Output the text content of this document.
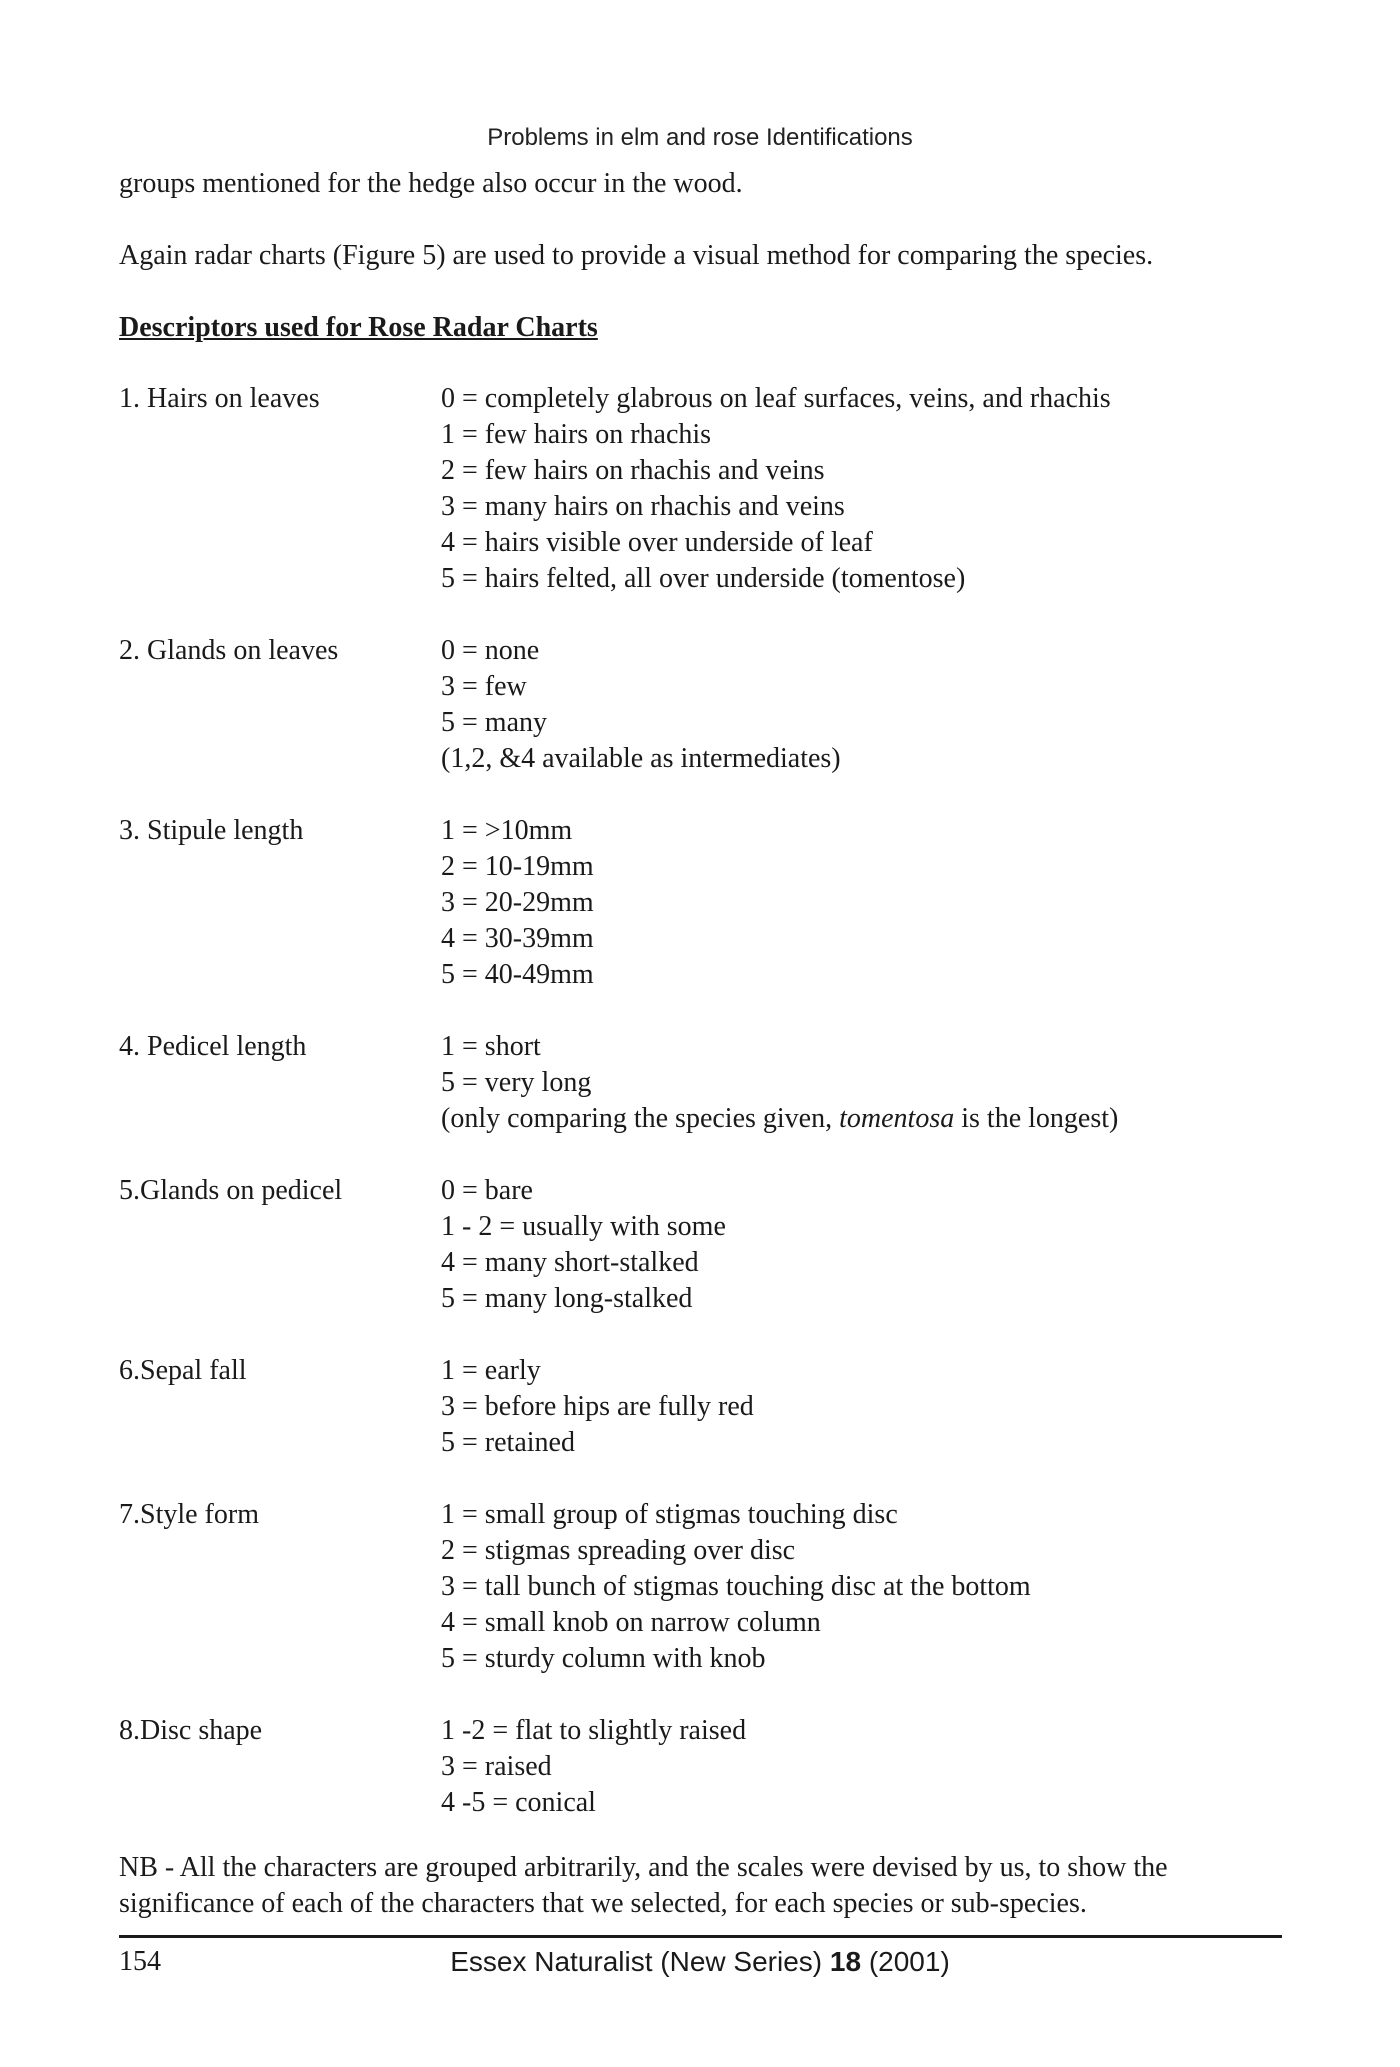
Problems in elm and rose Identifications
groups mentioned for the hedge also occur in the wood.
Again radar charts (Figure 5) are used to provide a visual method for comparing the species.
Descriptors used for Rose Radar Charts
1. Hairs on leaves	0 = completely glabrous on leaf surfaces, veins, and rhachis
1 = few hairs on rhachis
2 = few hairs on rhachis and veins
3 = many hairs on rhachis and veins
4 = hairs visible over underside of leaf
5 = hairs felted, all over underside (tomentose)
2. Glands on leaves	0 = none
3 = few
5 = many
(1,2, &4 available as intermediates)
3. Stipule length	1 = >10mm
2 = 10-19mm
3 = 20-29mm
4 = 30-39mm
5 = 40-49mm
4. Pedicel length	1 = short
5 = very long
(only comparing the species given, tomentosa is the longest)
5.Glands on pedicel	0 = bare
1 - 2 = usually with some
4 = many short-stalked
5 = many long-stalked
6.Sepal fall	1 = early
3 = before hips are fully red
5 = retained
7.Style form	1 = small group of stigmas touching disc
2 = stigmas spreading over disc
3 = tall bunch of stigmas touching disc at the bottom
4 = small knob on narrow column
5 = sturdy column with knob
8.Disc shape	1 -2 = flat to slightly raised
3 = raised
4 -5 = conical
NB - All the characters are grouped arbitrarily, and the scales were devised by us, to show the significance of each of the characters that we selected, for each species or sub-species.
154	Essex Naturalist (New Series) 18 (2001)
